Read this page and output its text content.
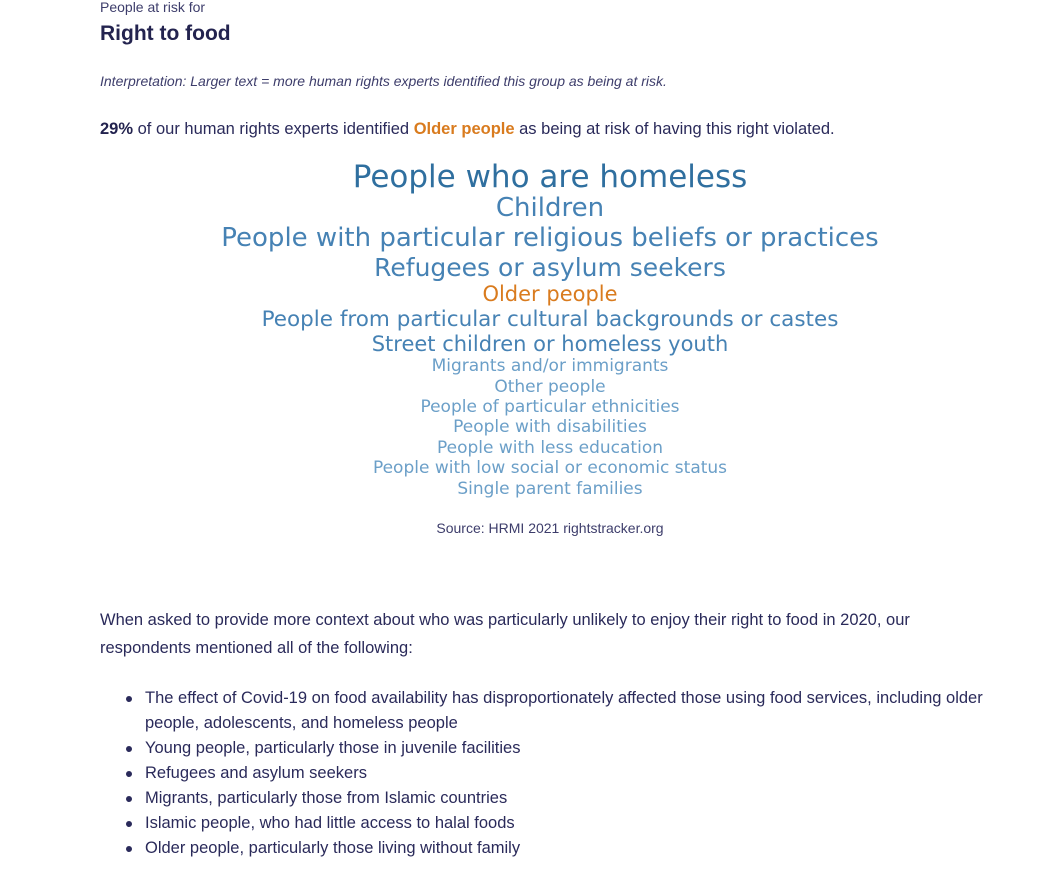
People at risk for
Right to food
Interpretation: Larger text = more human rights experts identified this group as being at risk.
29% of our human rights experts identified Older people as being at risk of having this right violated.
People who are homeless
Children
People with particular religious beliefs or practices
Refugees or asylum seekers
Older people
People from particular cultural backgrounds or castes
Street children or homeless youth
Migrants and/or immigrants
Other people
People of particular ethnicities
People with disabilities
People with less education
People with low social or economic status
Single parent families
Source: HRMI 2021 rightstracker.org
When asked to provide more context about who was particularly unlikely to enjoy their right to food in 2020, our respondents mentioned all of the following:
The effect of Covid-19 on food availability has disproportionately affected those using food services, including older people, adolescents, and homeless people
Young people, particularly those in juvenile facilities
Refugees and asylum seekers
Migrants, particularly those from Islamic countries
Islamic people, who had little access to halal foods
Older people, particularly those living without family
